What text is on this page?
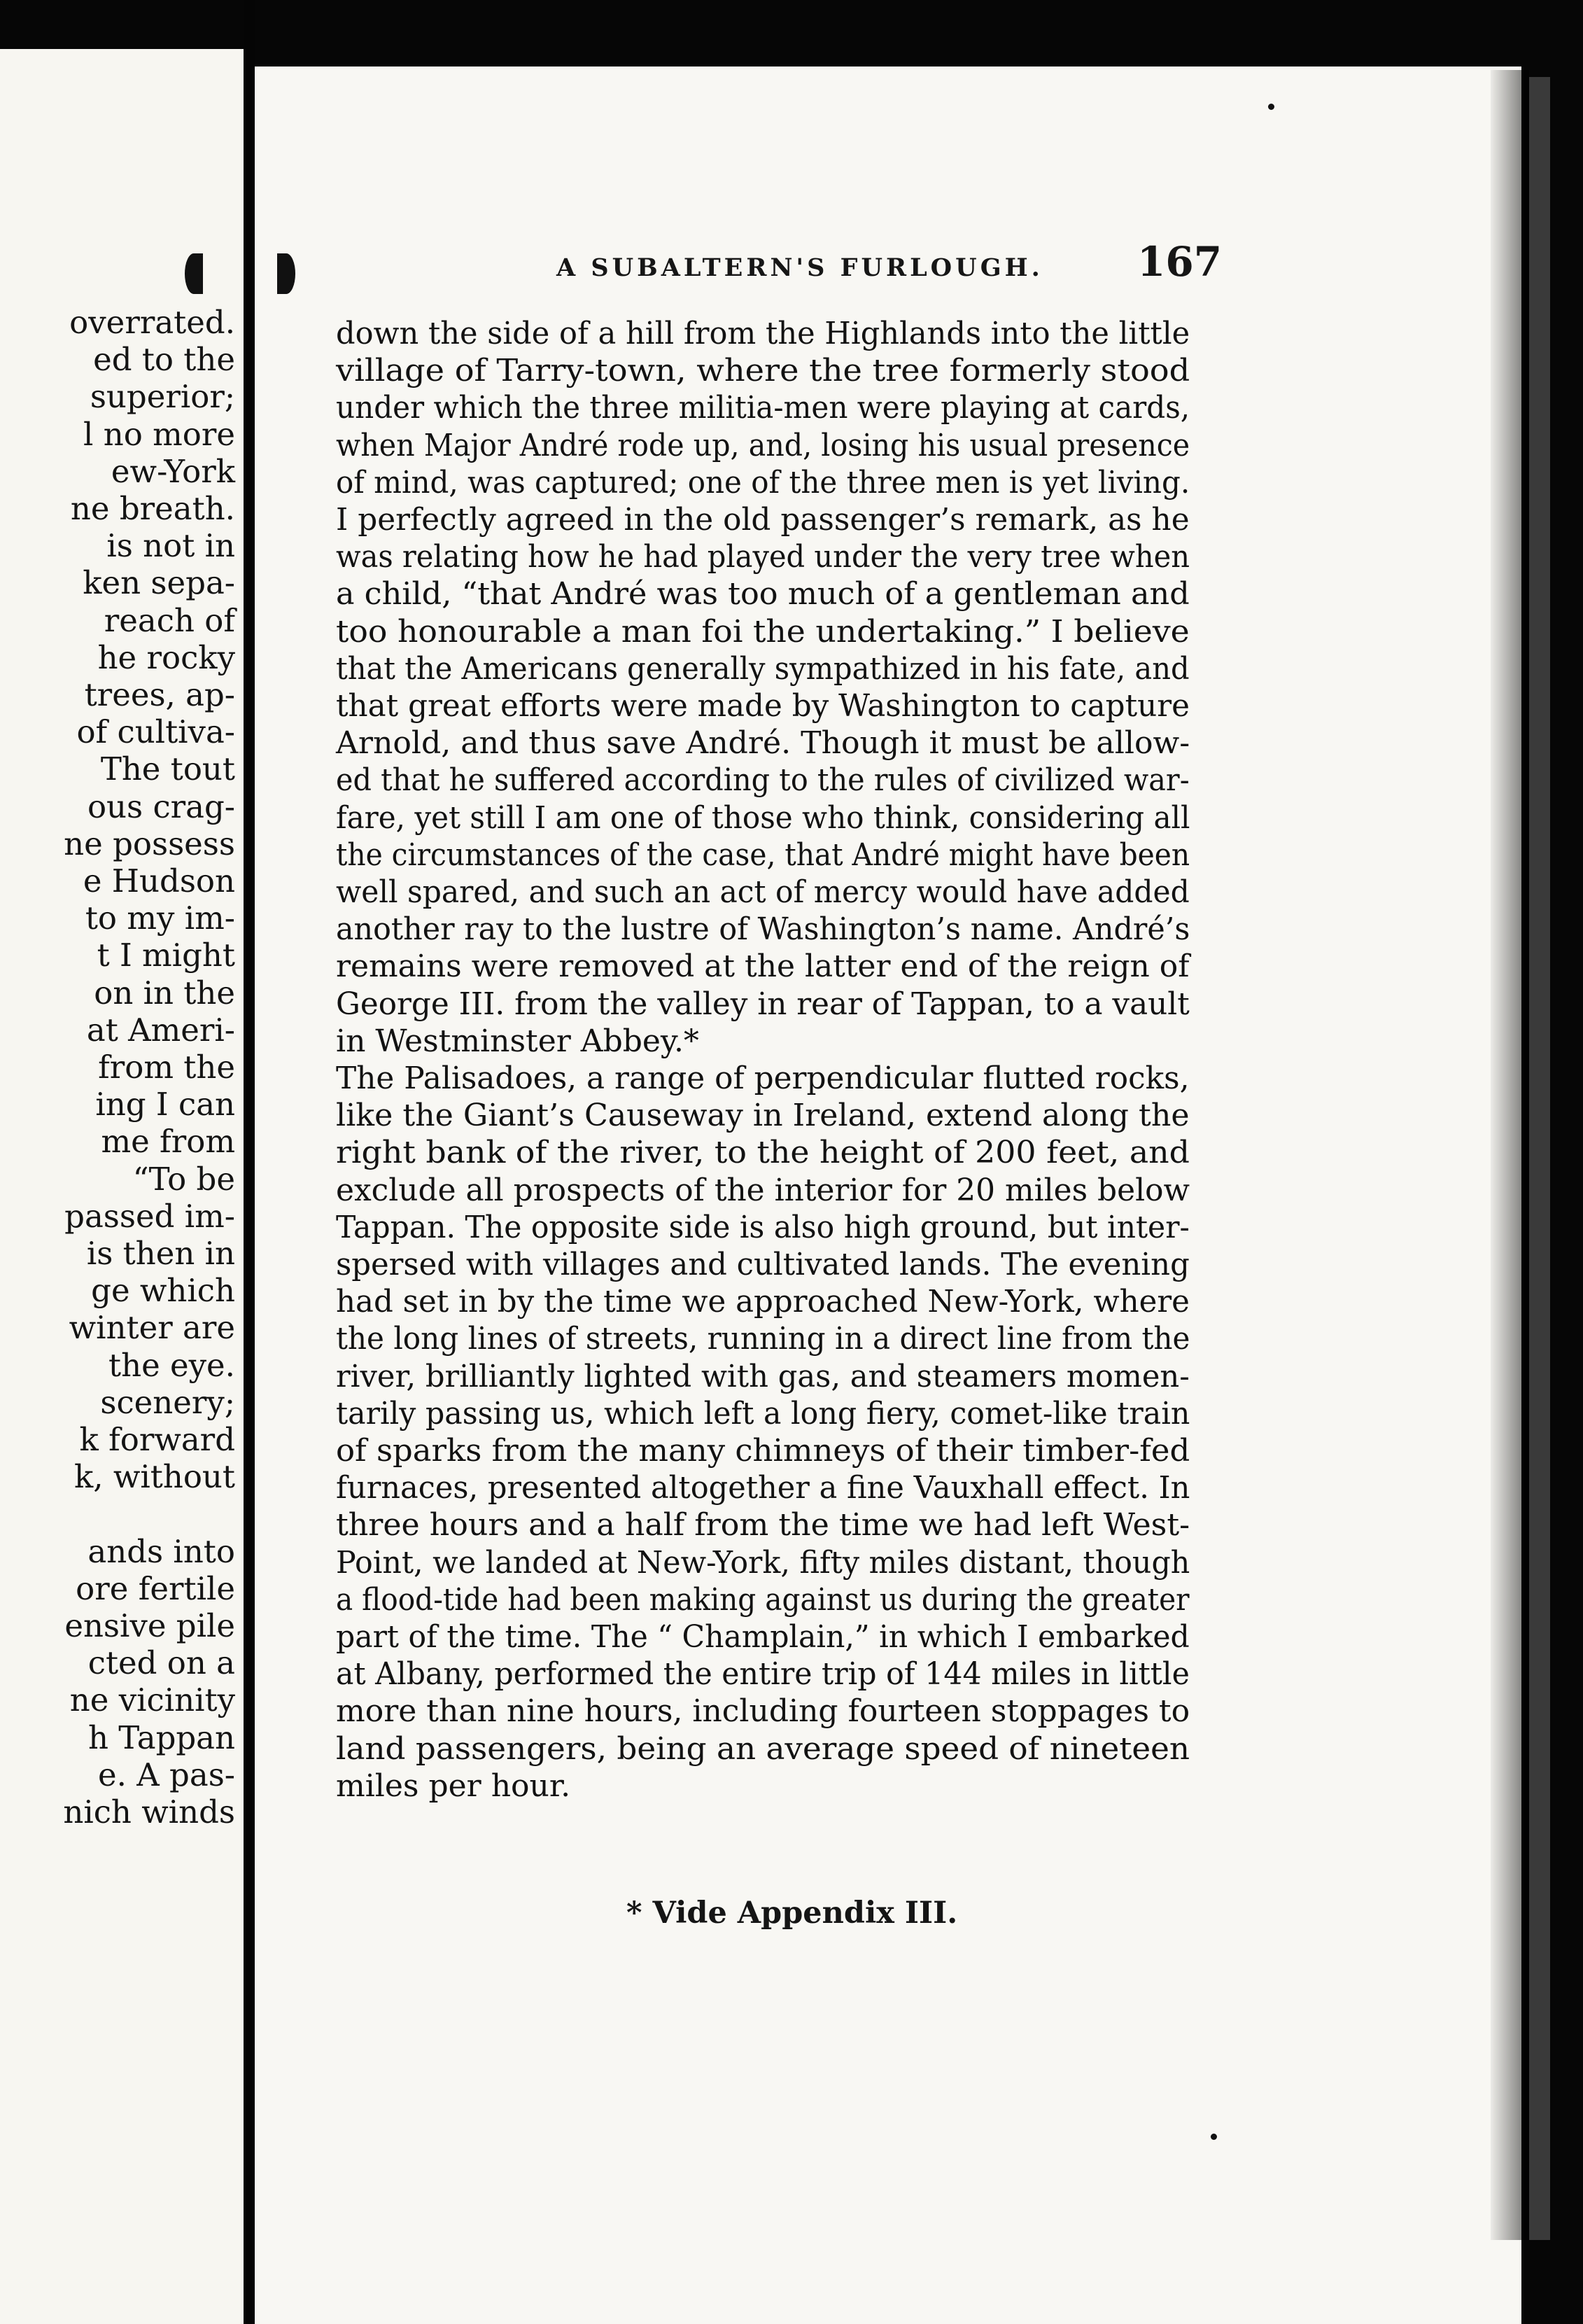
overrated.
ed to the
superior;
l no more
ew-York
ne breath.
is not in
ken sepa-
reach of
he rocky
trees, ap-
of cultiva-
The tout
ous crag-
ne possess
e Hudson
to my im-
t I might
on in the
at Ameri-
from the
ing I can
me from
“To be
passed im-
is then in
ge which
winter are
the eye.
scenery;
k forward
k, without
ands into
ore fertile
ensive pile
cted on a
ne vicinity
h Tappan
e. A pas-
nich winds
A SUBALTERN'S FURLOUGH. 167
down the side of a hill from the Highlands into the little
village of Tarry-town, where the tree formerly stood
under which the three militia-men were playing at cards,
when Major André rode up, and, losing his usual presence
of mind, was captured; one of the three men is yet living.
I perfectly agreed in the old passenger’s remark, as he
was relating how he had played under the very tree when
a child, “that André was too much of a gentleman and
too honourable a man foi the undertaking.” I believe
that the Americans generally sympathized in his fate, and
that great efforts were made by Washington to capture
Arnold, and thus save André. Though it must be allow-
ed that he suffered according to the rules of civilized war-
fare, yet still I am one of those who think, considering all
the circumstances of the case, that André might have been
well spared, and such an act of mercy would have added
another ray to the lustre of Washington’s name. André’s
remains were removed at the latter end of the reign of
George III. from the valley in rear of Tappan, to a vault
in Westminster Abbey.*
The Palisadoes, a range of perpendicular flutted rocks,
like the Giant’s Causeway in Ireland, extend along the
right bank of the river, to the height of 200 feet, and
exclude all prospects of the interior for 20 miles below
Tappan. The opposite side is also high ground, but inter-
spersed with villages and cultivated lands. The evening
had set in by the time we approached New-York, where
the long lines of streets, running in a direct line from the
river, brilliantly lighted with gas, and steamers momen-
tarily passing us, which left a long fiery, comet-like train
of sparks from the many chimneys of their timber-fed
furnaces, presented altogether a fine Vauxhall effect. In
three hours and a half from the time we had left West-
Point, we landed at New-York, fifty miles distant, though
a flood-tide had been making against us during the greater
part of the time. The “ Champlain,” in which I embarked
at Albany, performed the entire trip of 144 miles in little
more than nine hours, including fourteen stoppages to
land passengers, being an average speed of nineteen
miles per hour.
* Vide Appendix III.
